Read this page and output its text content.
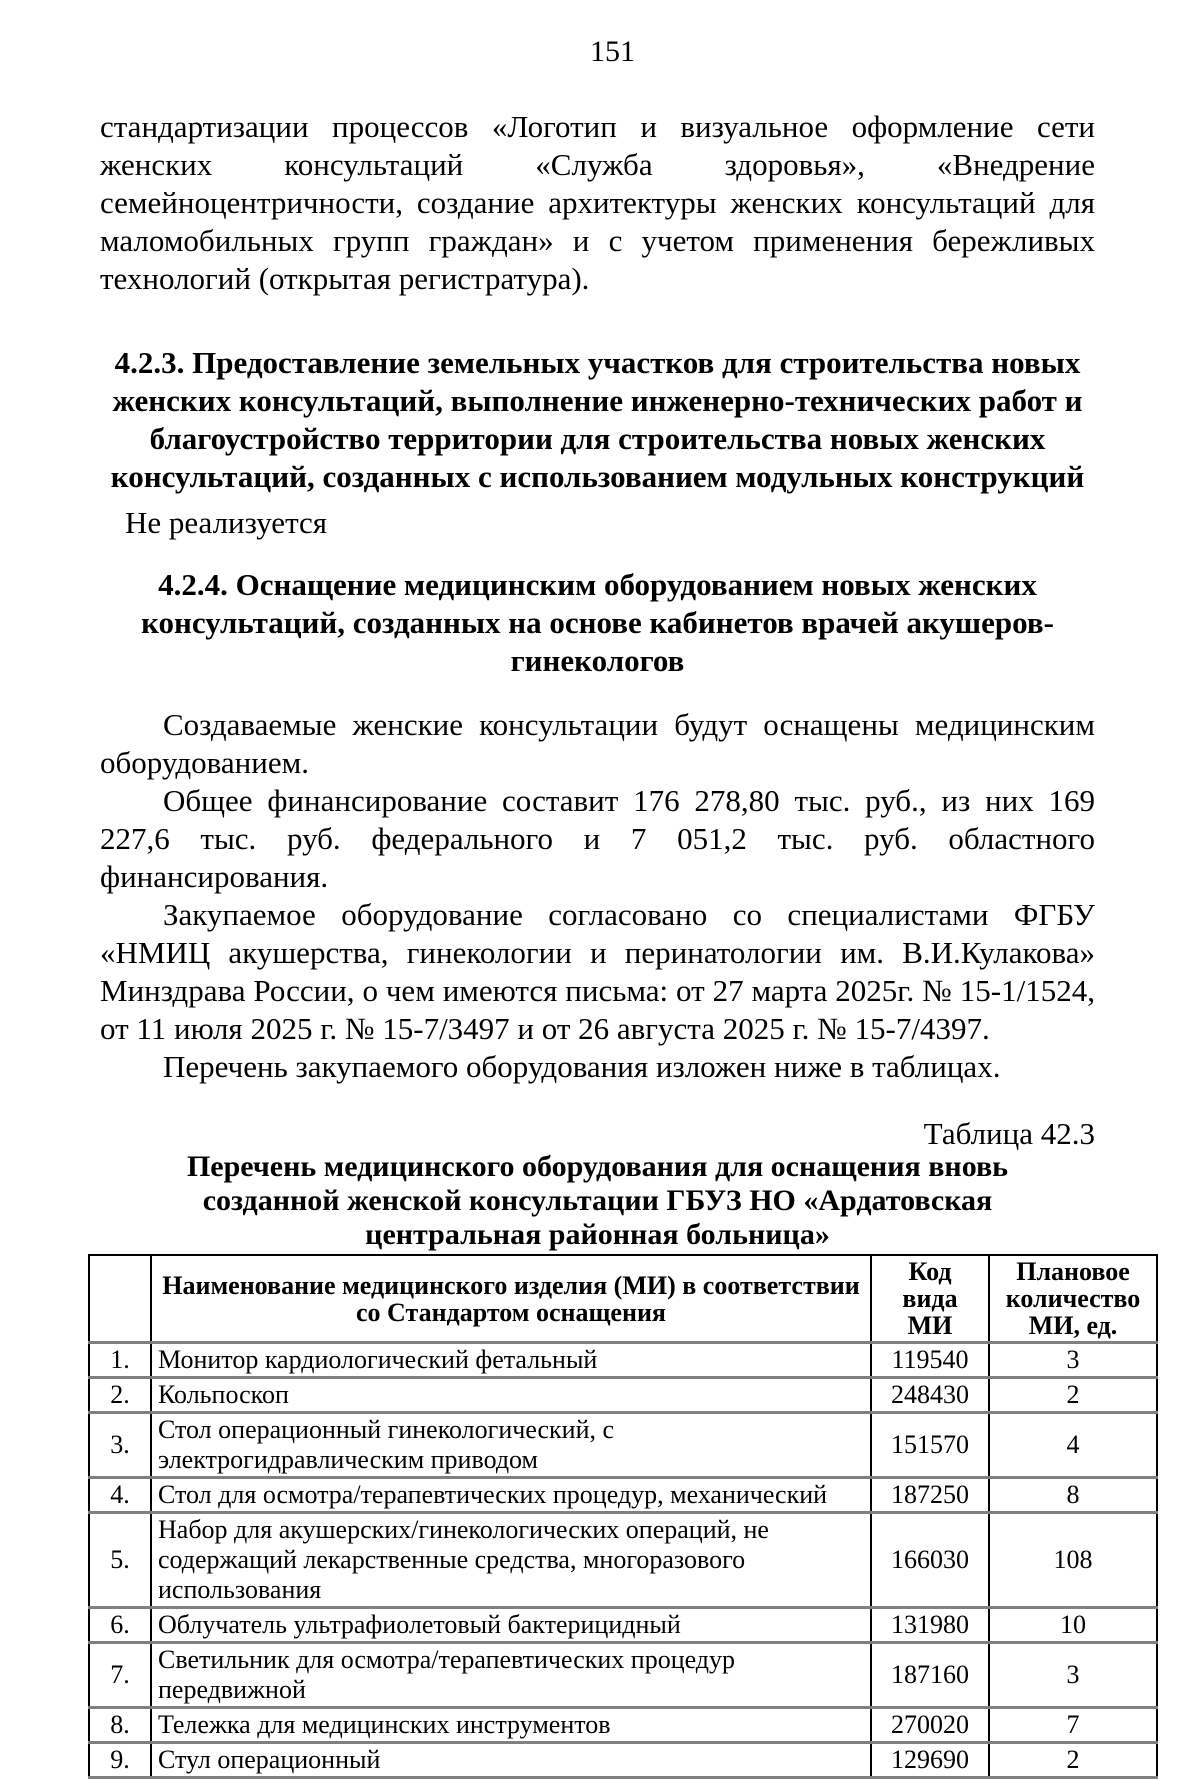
151

стандартизации процессов «Логотип и визуальное оформление сети женских консультаций «Служба здоровья», «Внедрение семейноцентричности, создание архитектуры женских консультаций для маломобильных групп граждан» и с учетом применения бережливых технологий (открытая регистратура).

4.2.3. Предоставление земельных участков для строительства новых женских консультаций, выполнение инженерно-технических работ и благоустройство территории для строительства новых женских консультаций, созданных с использованием модульных конструкций

Не реализуется

4.2.4. Оснащение медицинским оборудованием новых женских консультаций, созданных на основе кабинетов врачей акушеров-гинекологов

Создаваемые женские консультации будут оснащены медицинским оборудованием.

Общее финансирование составит 176 278,80 тыс. руб., из них 169 227,6 тыс. руб. федерального и 7 051,2 тыс. руб. областного финансирования.

Закупаемое оборудование согласовано со специалистами ФГБУ «НМИЦ акушерства, гинекологии и перинатологии им. В.И.Кулакова» Минздрава России, о чем имеются письма: от 27 марта 2025г. № 15-1/1524, от 11 июля 2025 г. № 15-7/3497 и от 26 августа 2025 г. № 15-7/4397.

Перечень закупаемого оборудования изложен ниже в таблицах.

Таблица 42.3
Перечень медицинского оборудования для оснащения вновь созданной женской консультации ГБУЗ НО «Ардатовская центральная районная больница»
	Наименование медицинского изделия (МИ) в соответствии со Стандартом оснащения	Код вида МИ	Плановое количество МИ, ед.
1.	Монитор кардиологический фетальный	119540	3
2.	Кольпоскоп	248430	2
3.	Стол операционный гинекологический, с электрогидравлическим приводом	151570	4
4.	Стол для осмотра/терапевтических процедур, механический	187250	8
5.	Набор для акушерских/гинекологических операций, не содержащий лекарственные средства, многоразового использования	166030	108
6.	Облучатель ультрафиолетовый бактерицидный	131980	10
7.	Светильник для осмотра/терапевтических процедур передвижной	187160	3
8.	Тележка для медицинских инструментов	270020	7
9.	Стул операционный	129690	2
